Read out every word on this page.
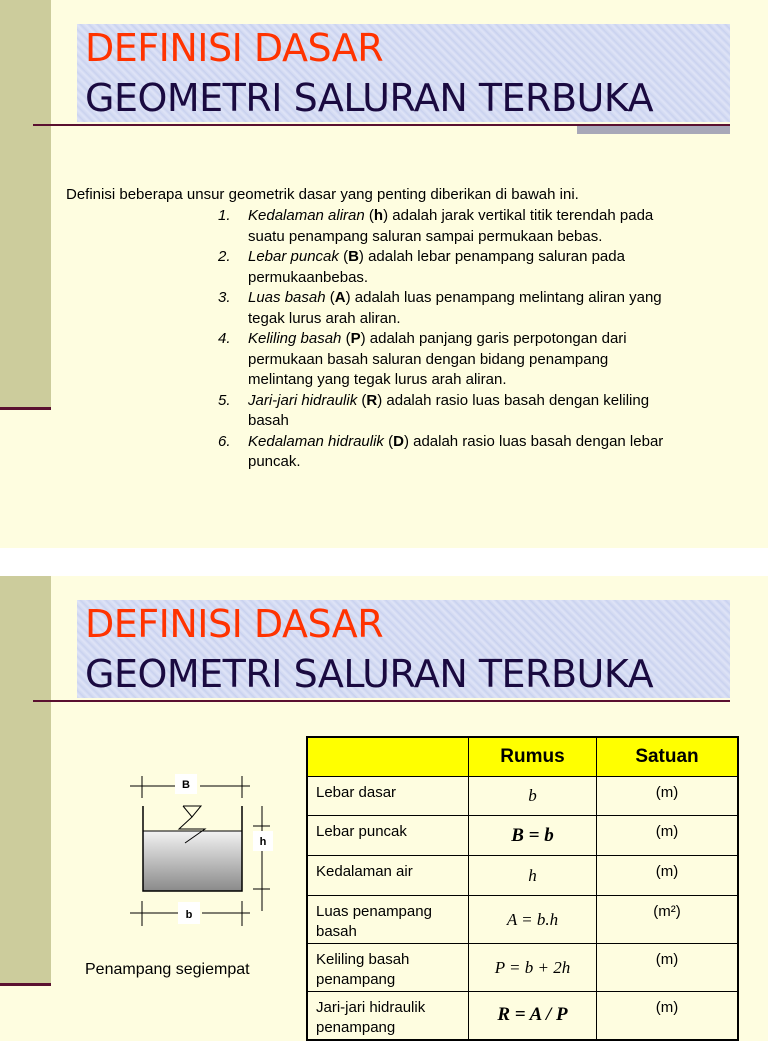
DEFINISI DASAR
GEOMETRI SALURAN TERBUKA
Definisi beberapa unsur geometrik dasar yang penting diberikan di bawah ini.
1. Kedalaman aliran (h) adalah jarak vertikal titik terendah pada
suatu penampang saluran sampai permukaan bebas.
2. Lebar puncak (B) adalah lebar penampang saluran pada
permukaanbebas.
3. Luas basah (A) adalah luas penampang melintang aliran yang
tegak lurus arah aliran.
4. Keliling basah (P) adalah panjang garis perpotongan dari
permukaan basah saluran dengan bidang penampang melintang yang tegak lurus arah aliran.
5. Jari-jari hidraulik (R) adalah rasio luas basah dengan keliling
basah
6. Kedalaman hidraulik (D) adalah rasio luas basah dengan lebar
puncak.
DEFINISI DASAR
GEOMETRI SALURAN TERBUKA
B
h
b
Penampang segiempat
	Rumus	Satuan

Lebar dasar	b	(m)

Lebar puncak	B = b	(m)

Kedalaman air	h	(m)

Luas penampang basah	A = b.h	(m²)

Keliling basah penampang	P = b + 2h	(m)

Jari-jari hidraulik penampang	R = A / P	(m)
